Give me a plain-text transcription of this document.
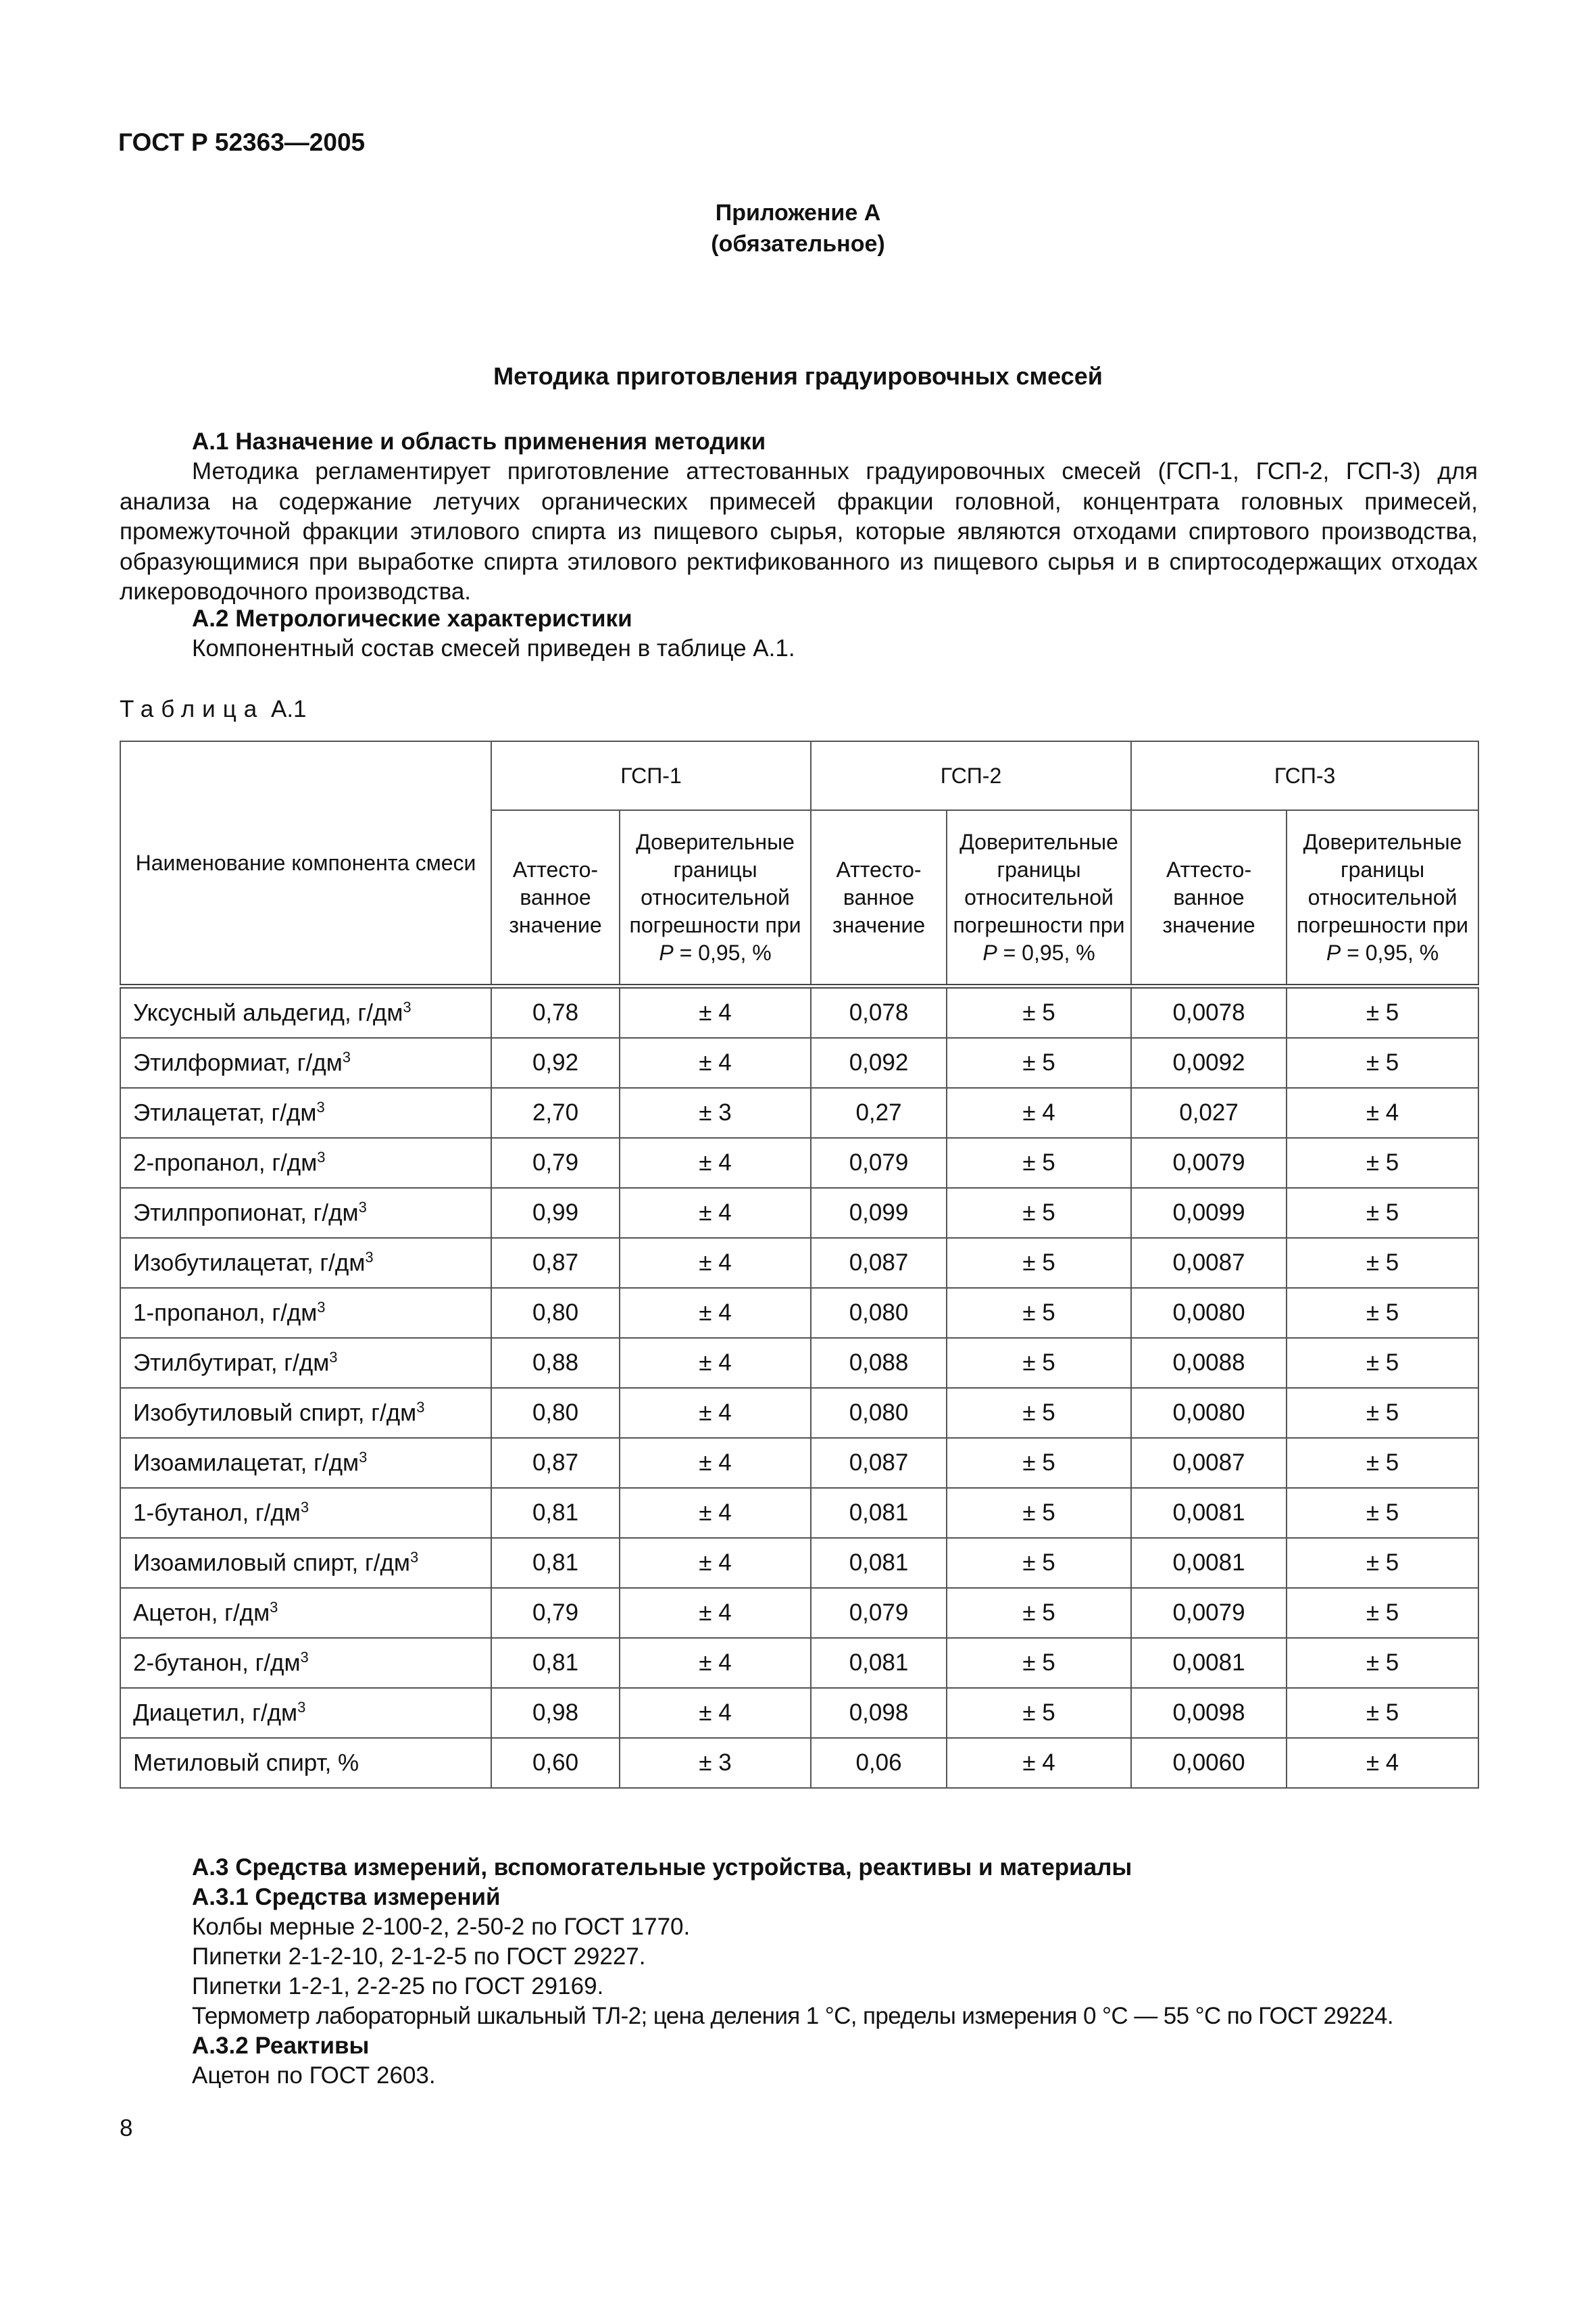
ГОСТ Р 52363—2005
Приложение А
(обязательное)
Методика приготовления градуировочных смесей
А.1 Назначение и область применения методики
Методика регламентирует приготовление аттестованных градуировочных смесей (ГСП-1, ГСП-2, ГСП-3) для анализа на содержание летучих органических примесей фракции головной, концентрата головных примесей, промежуточной фракции этилового спирта из пищевого сырья, которые являются отходами спиртового производства, образующимися при выработке спирта этилового ректификованного из пищевого сырья и в спиртосодержащих отходах ликероводочного производства.
А.2 Метрологические характеристики
Компонентный состав смесей приведен в таблице А.1.
Таблица А.1
Наименование компонента смеси	ГСП-1		ГСП-2		ГСП-3	
	Аттесто-ванное значение	Доверительные границы относительной погрешности при P = 0,95, %	Аттесто-ванное значение	Доверительные границы относительной погрешности при P = 0,95, %	Аттесто-ванное значение	Доверительные границы относительной погрешности при P = 0,95, %
Уксусный альдегид, $г/дм^3$	0,78	± 4	0,078	± 5	0,0078	± 5
Этилформиат, $г/дм^3$	0,92	± 4	0,092	± 5	0,0092	± 5
Этилацетат, $г/дм^3$	2,70	± 3	0,27	± 4	0,027	± 4
2-пропанол, $г/дм^3$	0,79	± 4	0,079	± 5	0,0079	± 5
Этилпропионат, $г/дм^3$	0,99	± 4	0,099	± 5	0,0099	± 5
Изобутилацетат, $г/дм^3$	0,87	± 4	0,087	± 5	0,0087	± 5
1-пропанол, $г/дм^3$	0,80	± 4	0,080	± 5	0,0080	± 5
Этилбутират, $г/дм^3$	0,88	± 4	0,088	± 5	0,0088	± 5
Изобутиловый спирт, $г/дм^3$	0,80	± 4	0,080	± 5	0,0080	± 5
Изоамилацетат, $г/дм^3$	0,87	± 4	0,087	± 5	0,0087	± 5
1-бутанол, $г/дм^3$	0,81	± 4	0,081	± 5	0,0081	± 5
Изоамиловый спирт, $г/дм^3$	0,81	± 4	0,081	± 5	0,0081	± 5
Ацетон, $г/дм^3$	0,79	± 4	0,079	± 5	0,0079	± 5
2-бутанон, $г/дм^3$	0,81	± 4	0,081	± 5	0,0081	± 5
Диацетил, $г/дм^3$	0,98	± 4	0,098	± 5	0,0098	± 5
Метиловый спирт, %	0,60	± 3	0,06	± 4	0,0060	± 4
А.3 Средства измерений, вспомогательные устройства, реактивы и материалы
А.3.1 Средства измерений
Колбы мерные 2-100-2, 2-50-2 по ГОСТ 1770.
Пипетки 2-1-2-10, 2-1-2-5 по ГОСТ 29227.
Пипетки 1-2-1, 2-2-25 по ГОСТ 29169.
Термометр лабораторный шкальный ТЛ-2; цена деления 1 °С, пределы измерения 0 °С — 55 °С по ГОСТ 29224.
А.3.2 Реактивы
Ацетон по ГОСТ 2603.
8
